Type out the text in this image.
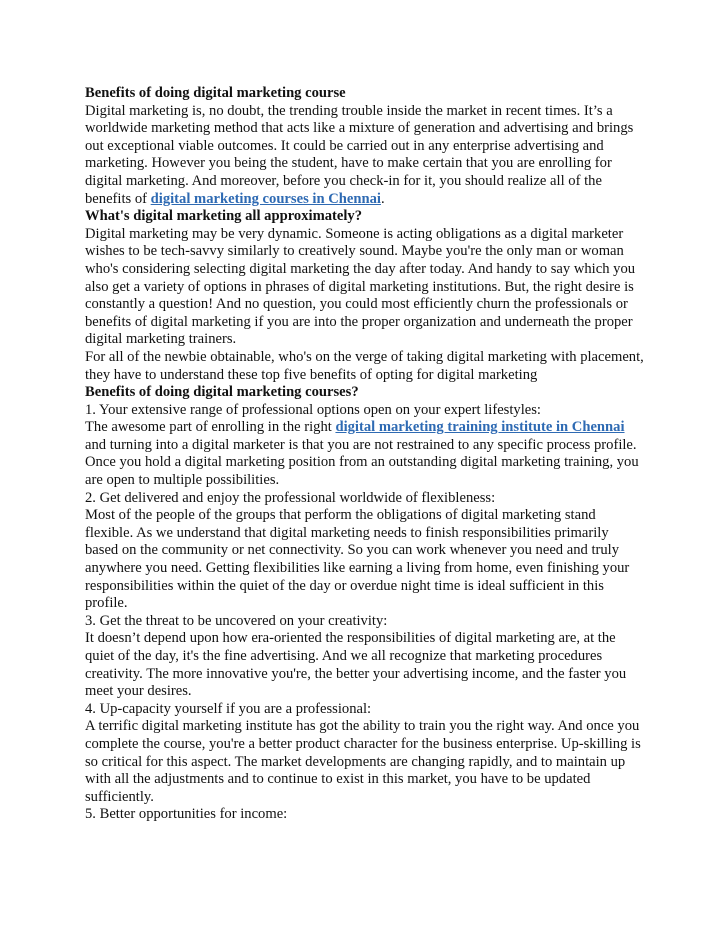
Benefits of doing digital marketing course

Digital marketing is, no doubt, the trending trouble inside the market in recent times. It’s a worldwide marketing method that acts like a mixture of generation and advertising and brings out exceptional viable outcomes. It could be carried out in any enterprise advertising and marketing. However you being the student, have to make certain that you are enrolling for digital marketing. And moreover, before you check-in for it, you should realize all of the benefits of digital marketing courses in Chennai.

What's digital marketing all approximately?

Digital marketing may be very dynamic. Someone is acting obligations as a digital marketer wishes to be tech-savvy similarly to creatively sound. Maybe you're the only man or woman who's considering selecting digital marketing the day after today. And handy to say which you also get a variety of options in phrases of digital marketing institutions. But, the right desire is constantly a question! And no question, you could most efficiently churn the professionals or benefits of digital marketing if you are into the proper organization and underneath the proper digital marketing trainers.

For all of the newbie obtainable, who's on the verge of taking digital marketing with placement, they have to understand these top five benefits of opting for digital marketing

Benefits of doing digital marketing courses?

1. Your extensive range of professional options open on your expert lifestyles:

The awesome part of enrolling in the right digital marketing training institute in Chennai and turning into a digital marketer is that you are not restrained to any specific process profile. Once you hold a digital marketing position from an outstanding digital marketing training, you are open to multiple possibilities.

2. Get delivered and enjoy the professional worldwide of flexibleness:

Most of the people of the groups that perform the obligations of digital marketing stand flexible. As we understand that digital marketing needs to finish responsibilities primarily based on the community or net connectivity. So you can work whenever you need and truly anywhere you need. Getting flexibilities like earning a living from home, even finishing your responsibilities within the quiet of the day or overdue night time is ideal sufficient in this profile.

3. Get the threat to be uncovered on your creativity:

It doesn’t depend upon how era-oriented the responsibilities of digital marketing are, at the quiet of the day, it's the fine advertising. And we all recognize that marketing procedures creativity. The more innovative you're, the better your advertising income, and the faster you meet your desires.

4. Up-capacity yourself if you are a professional:

A terrific digital marketing institute has got the ability to train you the right way. And once you complete the course, you're a better product character for the business enterprise. Up-skilling is so critical for this aspect. The market developments are changing rapidly, and to maintain up with all the adjustments and to continue to exist in this market, you have to be updated sufficiently.

5. Better opportunities for income:
